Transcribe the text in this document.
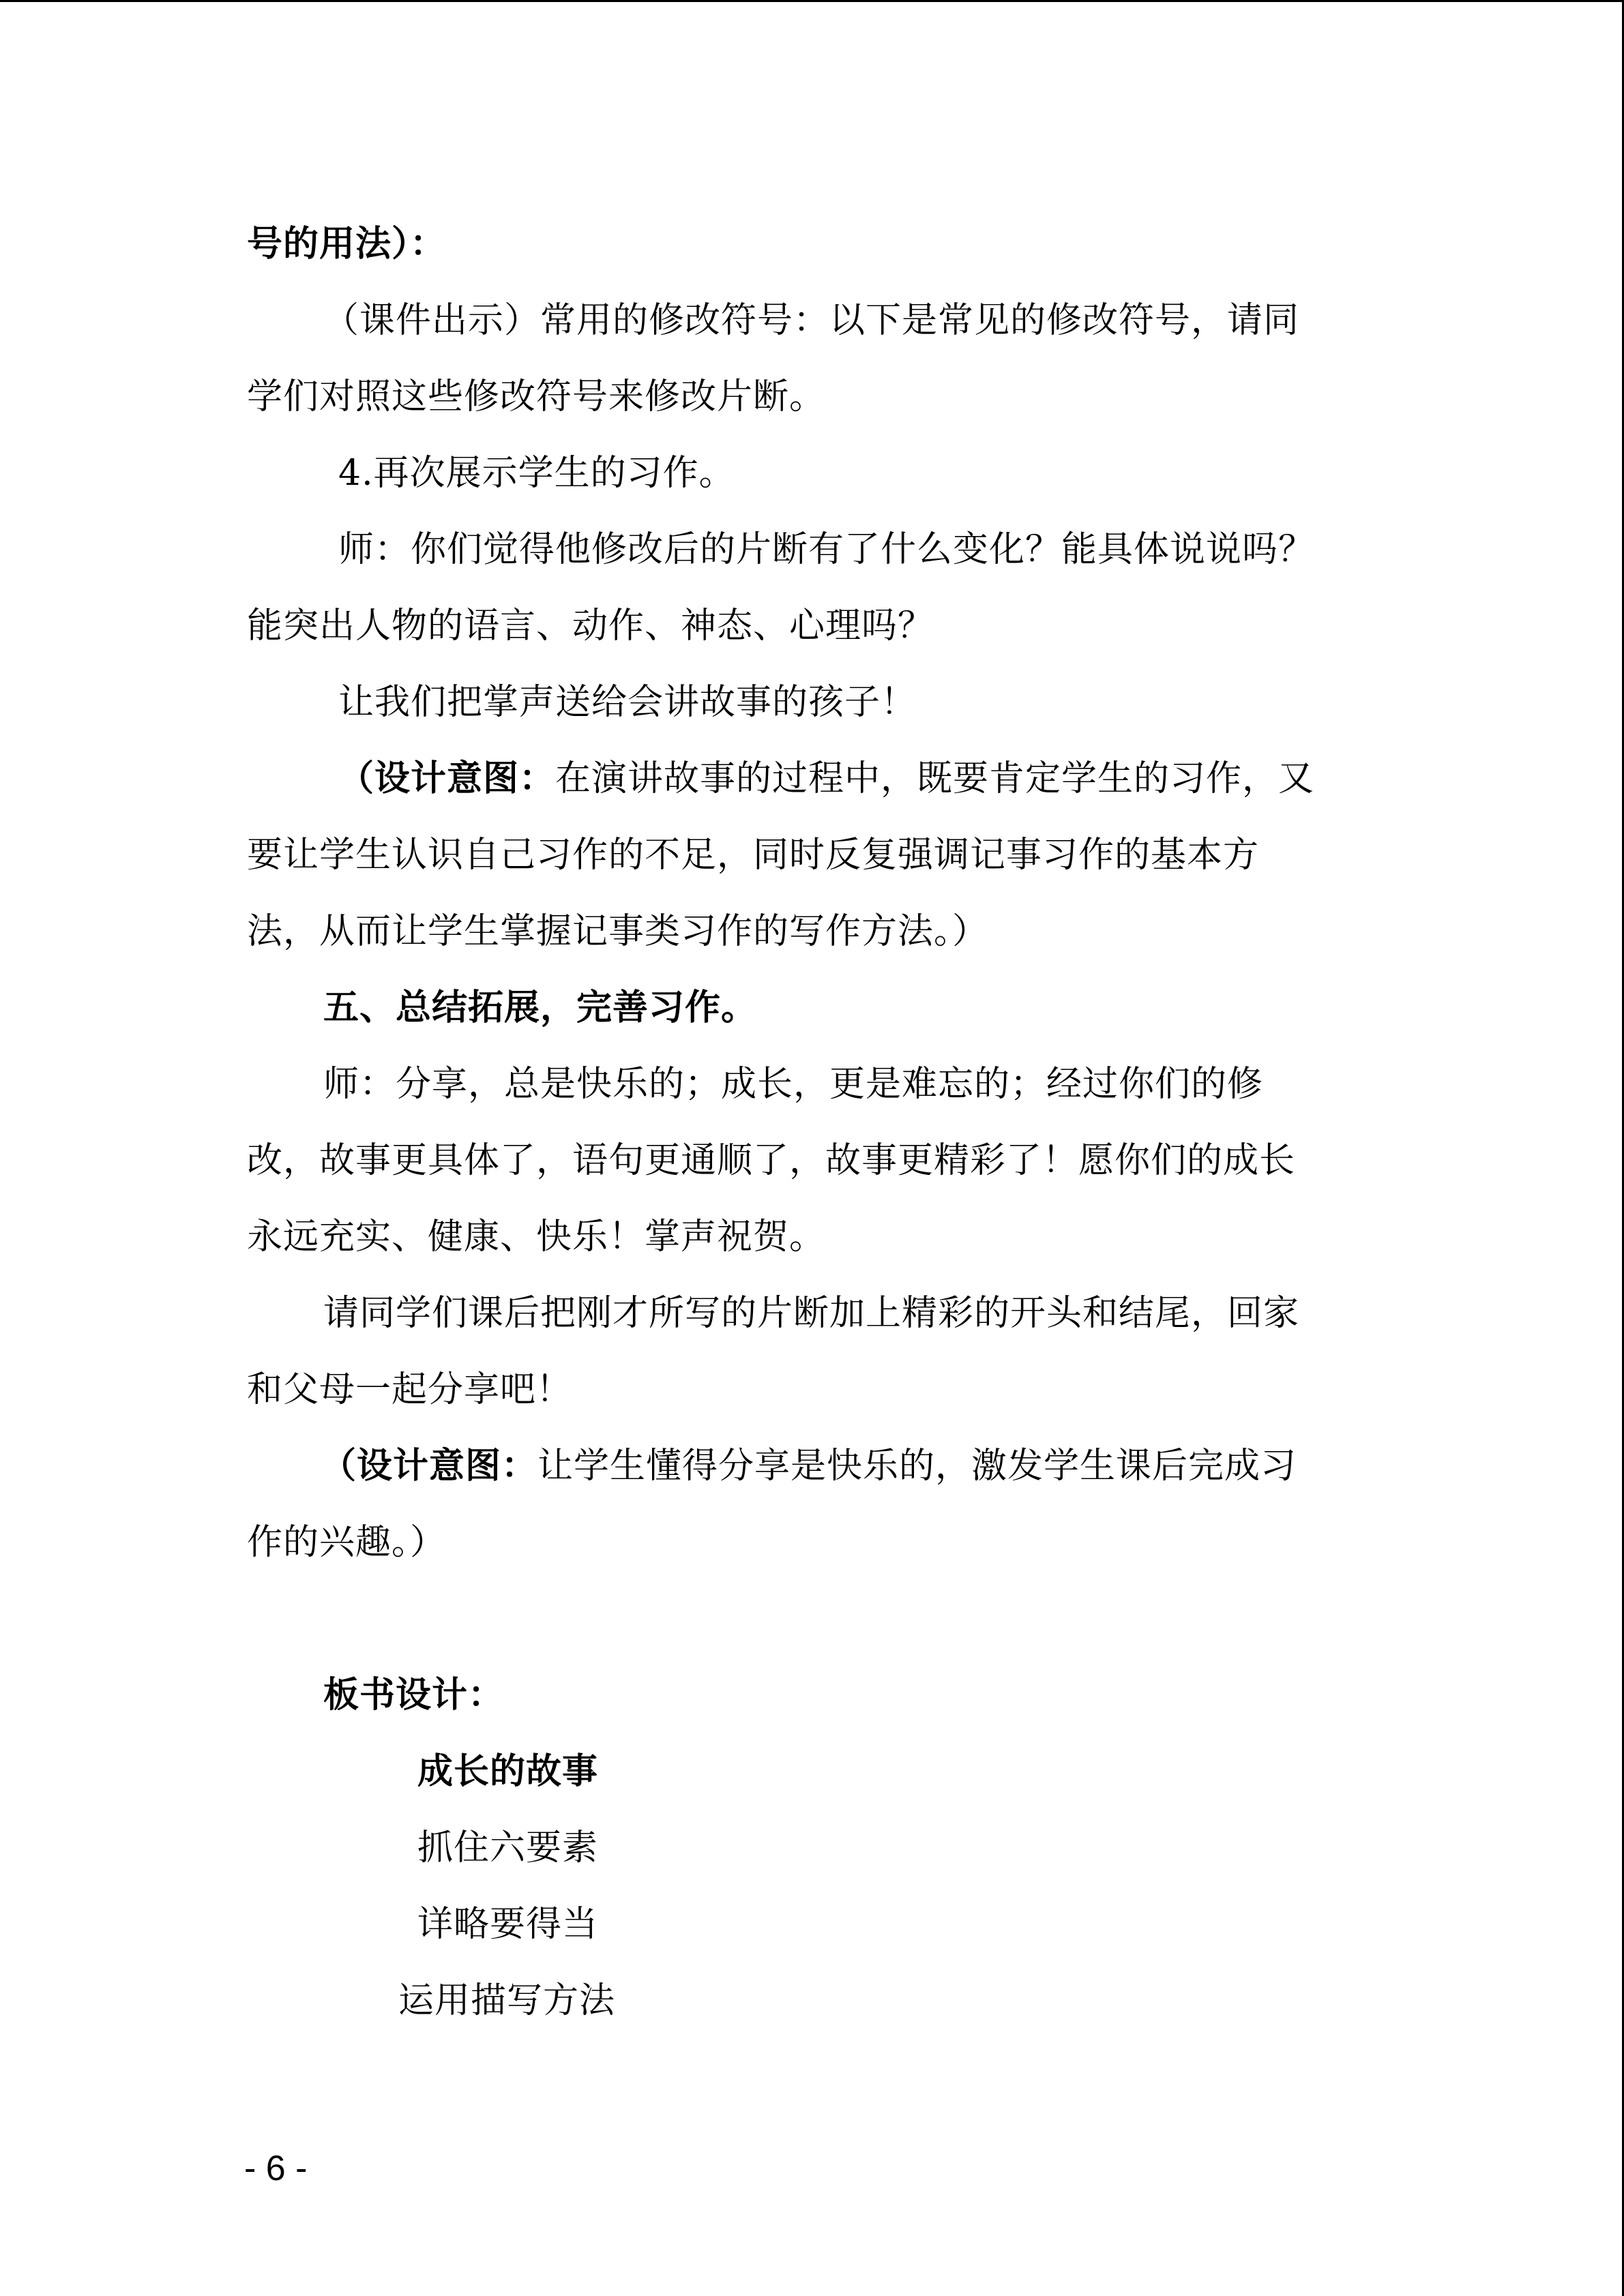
号的用法）：
（课件出示）常用的修改符号：以下是常见的修改符号，请同
学们对照这些修改符号来修改片断。
4.再次展示学生的习作。
师：你们觉得他修改后的片断有了什么变化？能具体说说吗？
能突出人物的语言、动作、神态、心理吗？
让我们把掌声送给会讲故事的孩子！
（设计意图：在演讲故事的过程中，既要肯定学生的习作，又
要让学生认识自己习作的不足，同时反复强调记事习作的基本方
法，从而让学生掌握记事类习作的写作方法。）
五、总结拓展，完善习作。
师：分享，总是快乐的；成长，更是难忘的；经过你们的修
改，故事更具体了，语句更通顺了，故事更精彩了！愿你们的成长
永远充实、健康、快乐！掌声祝贺。
请同学们课后把刚才所写的片断加上精彩的开头和结尾，回家
和父母一起分享吧！
（设计意图：让学生懂得分享是快乐的，激发学生课后完成习
作的兴趣。）
板书设计：
成长的故事
抓住六要素
详略要得当
运用描写方法
- 6 -
